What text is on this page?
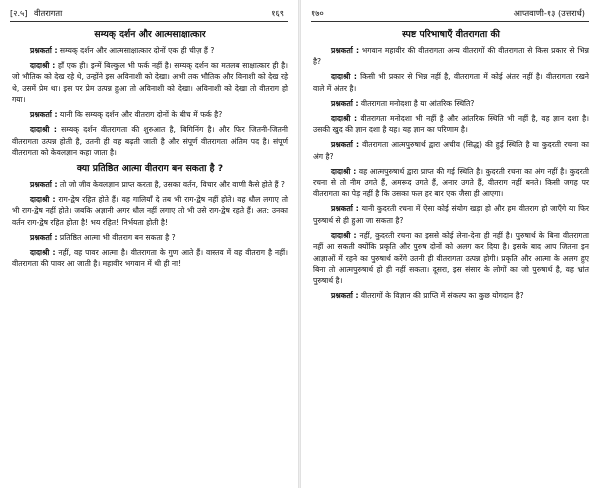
[२.५] वीतरागता	१६९
सम्यक् दर्शन और आत्मसाक्षात्कार

प्रश्नकर्ता : सम्यक् दर्शन और आत्मसाक्षात्कार दोनों एक ही चीज़ हैं ?

दादाश्री : हाँ एक ही। इन्में बिल्कुल भी फर्क नहीं है। सम्यक् दर्शन का मतलब साक्षात्कार ही है। जो भौतिक को देख रहे थे, उन्होंने इस अविनाशी को देखा। अभी तक भौतिक और विनाशी को देख रहे थे, उसमें प्रेम था। इस पर प्रेम उत्पन्न हुआ तो अविनाशी को देखा। अविनाशी को देखा तो वीतराग हो गया।

प्रश्नकर्ता : यानी कि सम्यक् दर्शन और वीतराग दोनों के बीच में फर्क है?

दादाश्री : सम्यक् दर्शन वीतरागता की शुरुआत है, बिगिनिंग है। और फिर जितनी-जितनी वीतरागता उत्पन्न होती है, उतनी ही वह बढ़ती जाती है और संपूर्ण वीतरागता अंतिम पद है। संपूर्ण वीतरागता को केवलज्ञान कहा जाता है।

क्या प्रतिष्ठित आत्मा वीतराग बन सकता है ?

प्रश्नकर्ता : तो जो जीव केवलज्ञान प्राप्त करता है, उसका वर्तन, विचार और वाणी कैसे होते हैं ?

दादाश्री : राग-द्वेष रहित होते हैं। वह गालियाँ दे तब भी राग-द्वेष नहीं होते। वह धौल लगाए तो भी राग-द्वेष नहीं होते। जबकि अज्ञानी अगर धौल नहीं लगाए तो भी उसे राग-द्वेष रहते हैं। अत: उनका वर्तन राग-द्वेष रहित होता है! भय रहित! निर्भयता होती है!

प्रश्नकर्ता : प्रतिष्ठित आत्मा भी वीतराग बन सकता है ?

दादाश्री : नहीं, वह पावर आत्मा है। वीतरागता के गुण आते हैं। वास्तव में वह वीतराग है नहीं। वीतरागता की पावर आ जाती है। महावीर भगवान में थी ही ना!

१७०	आप्तवाणी-१३ (उत्तरार्ध)
स्पष्ट परिभाषाएँ वीतरागता की

प्रश्नकर्ता : भगवान महावीर की वीतरागता अन्य वीतरागों की वीतरागता से किस प्रकार से भिन्न है?

दादाश्री : किसी भी प्रकार से भिन्न नहीं है, वीतरागता में कोई अंतर नहीं है। वीतरागता रखने वाले में अंतर है।

प्रश्नकर्ता : वीतरागता मनोदशा है या आंतरिक स्थिति?

दादाश्री : वीतरागता मनोदशा भी नहीं है और आंतरिक स्थिति भी नहीं है, वह ज्ञान दशा है। उसकी खुद की ज्ञान दशा है यह। यह ज्ञान का परिणाम है।

प्रश्नकर्ता : वीतरागता आत्मपुरुषार्थ द्वारा अचीव (सिद्ध) की हुई स्थिति है या कुदरती रचना का अंग है?

दादाश्री : वह आत्मपुरुषार्थ द्वारा प्राप्त की गई स्थिति है। कुदरती रचना का अंग नहीं है। कुदरती रचना से तो नीम उगते हैं, अमरूद उगते हैं, अनार उगते हैं, वीतराग नहीं बनते। किसी जगह पर वीतरागता का पेड़ नहीं है कि उसका फल हर बार एक जैसा ही आएगा।

प्रश्नकर्ता : यानी कुदरती रचना में ऐसा कोई संयोग खड़ा हो और हम वीतराग हो जाएँगे या फिर पुरुषार्थ से ही हुआ जा सकता है?

दादाश्री : नहीं, कुदरती रचना का इससे कोई लेना-देना ही नहीं है। पुरुषार्थ के बिना वीतरागता नहीं आ सकती क्योंकि प्रकृति और पुरुष दोनों को अलग कर दिया है। इसके बाद आप जितना इन आज्ञाओं में रहने का पुरुषार्थ करेंगे उतनी ही वीतरागता उत्पन्न होगी। प्रकृति और आत्मा के अलग हुए बिना तो आत्मपुरुषार्थ हो ही नहीं सकता। दूसरा, इस संसार के लोगों का जो पुरुषार्थ है, वह भ्रांत पुरुषार्थ है।

प्रश्नकर्ता : वीतरागों के विज्ञान की प्राप्ति में संकल्प का कुछ योगदान है?
